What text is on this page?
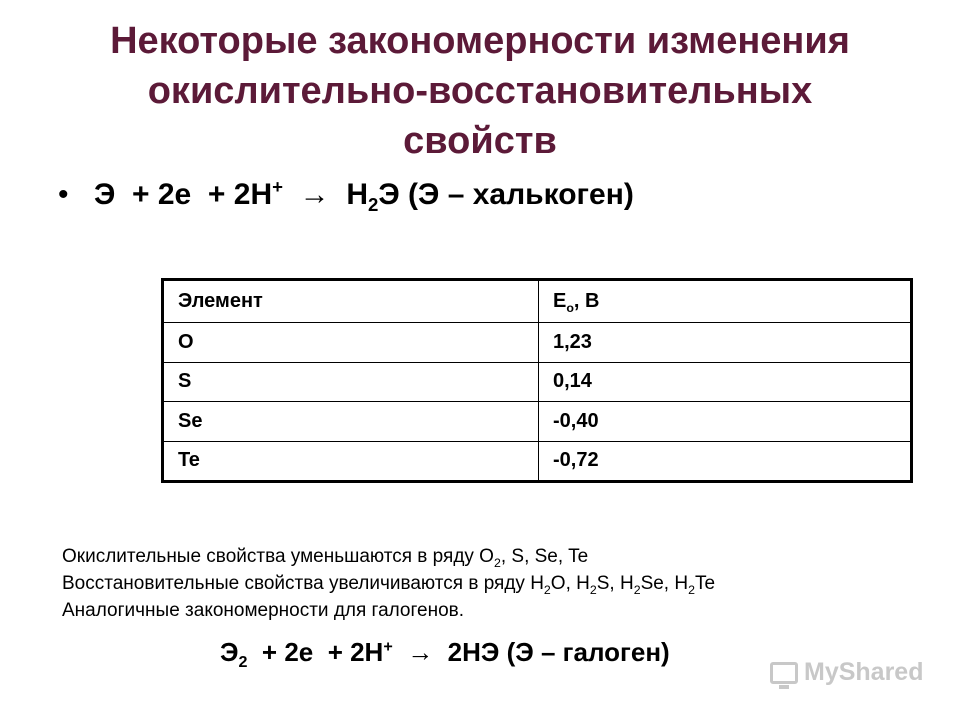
Некоторые закономерности изменения
окислительно-восстановительных
свойств
• $Э + 2е + 2Н^+ \to Н_2Э$ (Э – халькоген)
Элемент	$E_o$, В
O	1,23
S	0,14
Se	-0,40
Te	-0,72
Окислительные свойства уменьшаются в ряду $О_2$, S, Se, Te
Восстановительные свойства увеличиваются в ряду $Н_2О$, $Н_2S$, $Н_2Se$, $Н_2Te$
Аналогичные закономерности для галогенов.
$Э_2 + 2е + 2Н^+ \to 2НЭ$ (Э – галоген)
MyShared
